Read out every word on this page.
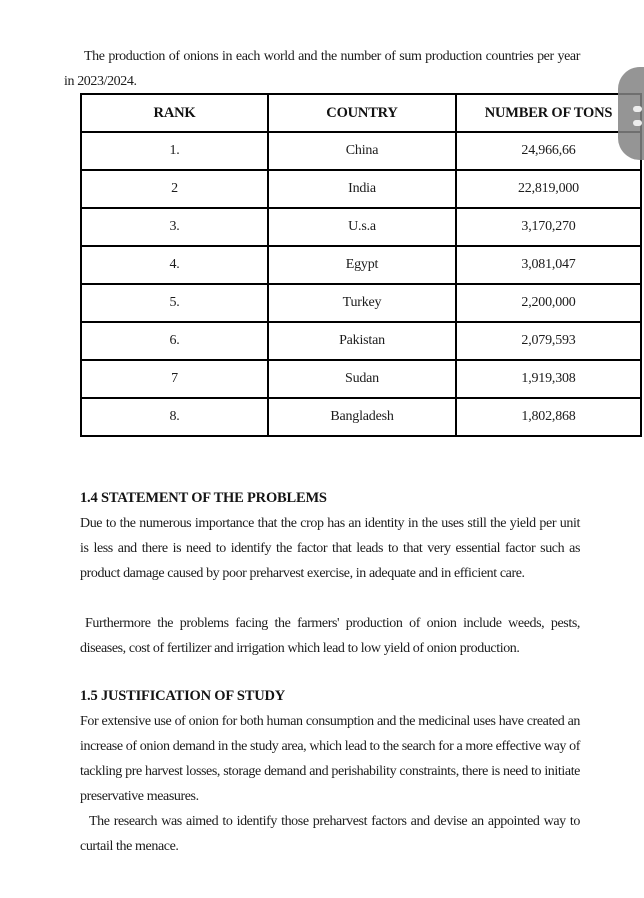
The production of onions in each world and the number of sum production countries per year in 2023/2024.

RANK	COUNTRY	NUMBER OF TONS
1.	China	24,966,66
2	India	22,819,000
3.	U.s.a	3,170,270
4.	Egypt	3,081,047
5.	Turkey	2,200,000
6.	Pakistan	2,079,593
7	Sudan	1,919,308
8.	Bangladesh	1,802,868
1.4 STATEMENT OF THE PROBLEMS

Due to the numerous importance that the crop has an identity in the uses still the yield per unit is less and there is need to identify the factor that leads to that very essential factor such as product damage caused by poor preharvest exercise, in adequate and in efficient care.

Furthermore the problems facing the farmers' production of onion include weeds, pests, diseases, cost of fertilizer and irrigation which lead to low yield of onion production.

1.5 JUSTIFICATION OF STUDY

For extensive use of onion for both human consumption and the medicinal uses have created an increase of onion demand in the study area, which lead to the search for a more effective way of tackling pre harvest losses, storage demand and perishability constraints, there is need to initiate preservative measures.

The research was aimed to identify those preharvest factors and devise an appointed way to curtail the menace.
